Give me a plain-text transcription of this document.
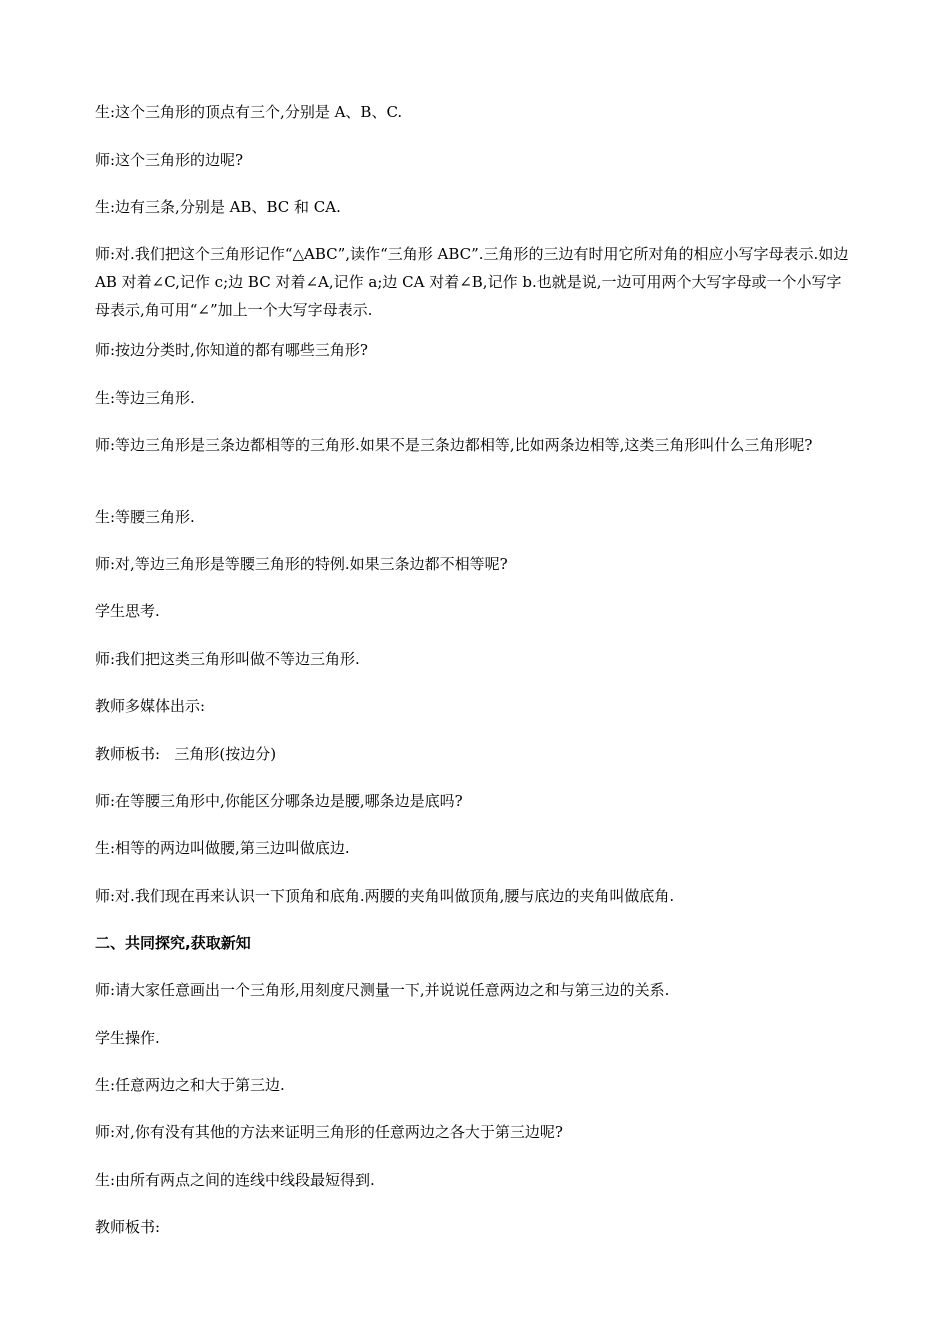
生:这个三角形的顶点有三个,分别是 A、B、C.

师:这个三角形的边呢?

生:边有三条,分别是 AB、BC 和 CA.

师:对.我们把这个三角形记作“△ABC”,读作“三角形 ABC”.三角形的三边有时用它所对角的相应小写字母表示.如边 AB 对着∠C,记作 c;边 BC 对着∠A,记作 a;边 CA 对着∠B,记作 b.也就是说,一边可用两个大写字母或一个小写字母表示,角可用“∠”加上一个大写字母表示.

师:按边分类时,你知道的都有哪些三角形?

生:等边三角形.

师:等边三角形是三条边都相等的三角形.如果不是三条边都相等,比如两条边相等,这类三角形叫什么三角形呢?

生:等腰三角形.

师:对,等边三角形是等腰三角形的特例.如果三条边都不相等呢?

学生思考.

师:我们把这类三角形叫做不等边三角形.

教师多媒体出示:

教师板书:   三角形(按边分)

师:在等腰三角形中,你能区分哪条边是腰,哪条边是底吗?

生:相等的两边叫做腰,第三边叫做底边.

师:对.我们现在再来认识一下顶角和底角.两腰的夹角叫做顶角,腰与底边的夹角叫做底角.

二、共同探究,获取新知

师:请大家任意画出一个三角形,用刻度尺测量一下,并说说任意两边之和与第三边的关系.

学生操作.

生:任意两边之和大于第三边.

师:对,你有没有其他的方法来证明三角形的任意两边之各大于第三边呢?

生:由所有两点之间的连线中线段最短得到.

教师板书:
